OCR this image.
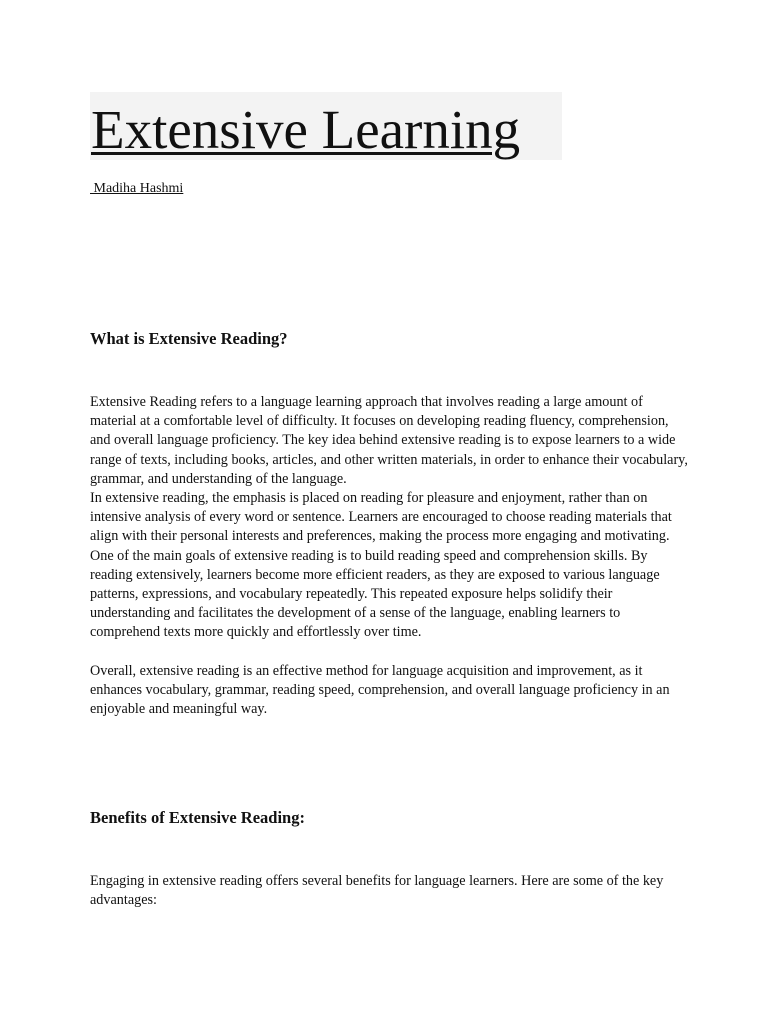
Extensive Learning
Madiha Hashmi
What is Extensive Reading?

Extensive Reading refers to a language learning approach that involves reading a large amount of material at a comfortable level of difficulty. It focuses on developing reading fluency, comprehension, and overall language proficiency. The key idea behind extensive reading is to expose learners to a wide range of texts, including books, articles, and other written materials, in order to enhance their vocabulary, grammar, and understanding of the language.

In extensive reading, the emphasis is placed on reading for pleasure and enjoyment, rather than on intensive analysis of every word or sentence. Learners are encouraged to choose reading materials that align with their personal interests and preferences, making the process more engaging and motivating.

One of the main goals of extensive reading is to build reading speed and comprehension skills. By reading extensively, learners become more efficient readers, as they are exposed to various language patterns, expressions, and vocabulary repeatedly. This repeated exposure helps solidify their understanding and facilitates the development of a sense of the language, enabling learners to comprehend texts more quickly and effortlessly over time.

Overall, extensive reading is an effective method for language acquisition and improvement, as it enhances vocabulary, grammar, reading speed, comprehension, and overall language proficiency in an enjoyable and meaningful way.

Benefits of Extensive Reading:

Engaging in extensive reading offers several benefits for language learners. Here are some of the key advantages:
